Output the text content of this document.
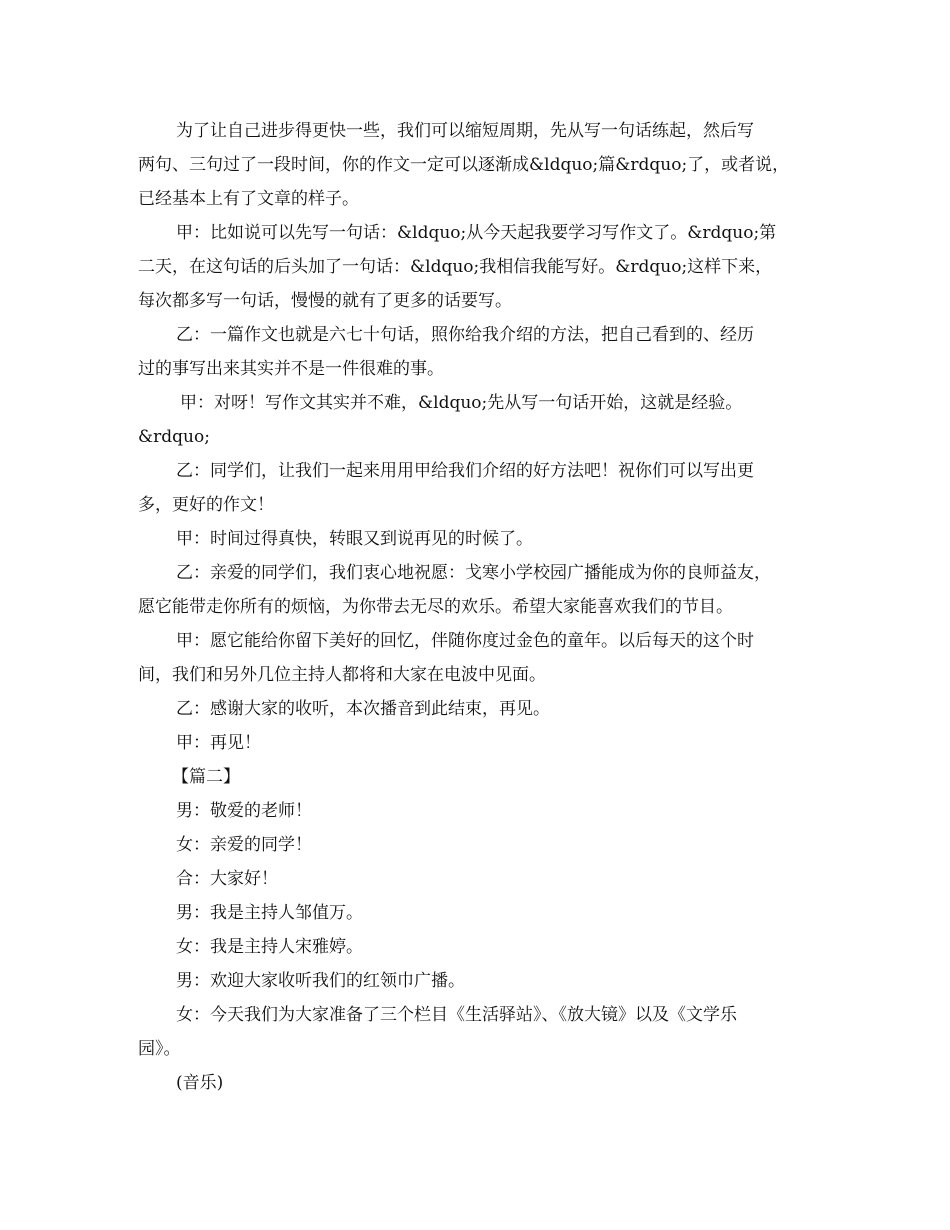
为了让自己进步得更快一些，我们可以缩短周期，先从写一句话练起，然后写
两句、三句过了一段时间，你的作文一定可以逐渐成&ldquo;篇&rdquo;了，或者说，
已经基本上有了文章的样子。
甲：比如说可以先写一句话：&ldquo;从今天起我要学习写作文了。&rdquo;第
二天，在这句话的后头加了一句话：&ldquo;我相信我能写好。&rdquo;这样下来，
每次都多写一句话，慢慢的就有了更多的话要写。
乙：一篇作文也就是六七十句话，照你给我介绍的方法，把自己看到的、经历
过的事写出来其实并不是一件很难的事。
甲：对呀！写作文其实并不难，&ldquo;先从写一句话开始，这就是经验。
&rdquo;
乙：同学们，让我们一起来用用甲给我们介绍的好方法吧！祝你们可以写出更
多，更好的作文！
甲：时间过得真快，转眼又到说再见的时候了。
乙：亲爱的同学们，我们衷心地祝愿：戈寒小学校园广播能成为你的良师益友，
愿它能带走你所有的烦恼，为你带去无尽的欢乐。希望大家能喜欢我们的节目。
甲：愿它能给你留下美好的回忆，伴随你度过金色的童年。以后每天的这个时
间，我们和另外几位主持人都将和大家在电波中见面。
乙：感谢大家的收听，本次播音到此结束，再见。
甲：再见！
【篇二】
男：敬爱的老师！
女：亲爱的同学！
合：大家好！
男：我是主持人邹值万。
女：我是主持人宋雅婷。
男：欢迎大家收听我们的红领巾广播。
女：今天我们为大家准备了三个栏目《生活驿站》、《放大镜》以及《文学乐
园》。
(音乐)
